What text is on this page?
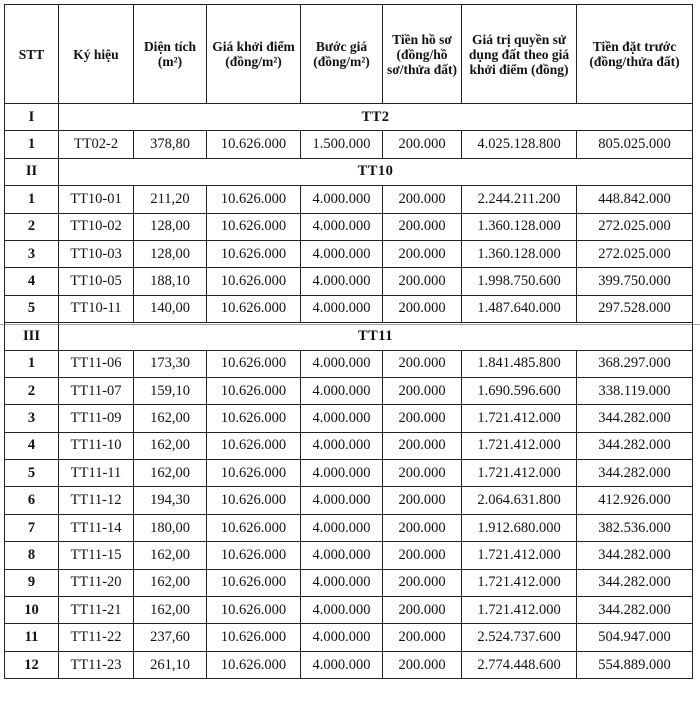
STT	Ký hiệu	Diện tích (m²)	Giá khởi điểm (đồng/m²)	Bước giá (đồng/m²)	Tiền hồ sơ (đồng/hồ sơ/thửa đất)	Giá trị quyền sử dụng đất theo giá khởi điểm (đồng)	Tiền đặt trước (đồng/thửa đất)
I	TT2						
1	TT02-2	378,80	10.626.000	1.500.000	200.000	4.025.128.800	805.025.000
II	TT10						
1	TT10-01	211,20	10.626.000	4.000.000	200.000	2.244.211.200	448.842.000
2	TT10-02	128,00	10.626.000	4.000.000	200.000	1.360.128.000	272.025.000
3	TT10-03	128,00	10.626.000	4.000.000	200.000	1.360.128.000	272.025.000
4	TT10-05	188,10	10.626.000	4.000.000	200.000	1.998.750.600	399.750.000
5	TT10-11	140,00	10.626.000	4.000.000	200.000	1.487.640.000	297.528.000
III	TT11						
1	TT11-06	173,30	10.626.000	4.000.000	200.000	1.841.485.800	368.297.000
2	TT11-07	159,10	10.626.000	4.000.000	200.000	1.690.596.600	338.119.000
3	TT11-09	162,00	10.626.000	4.000.000	200.000	1.721.412.000	344.282.000
4	TT11-10	162,00	10.626.000	4.000.000	200.000	1.721.412.000	344.282.000
5	TT11-11	162,00	10.626.000	4.000.000	200.000	1.721.412.000	344.282.000
6	TT11-12	194,30	10.626.000	4.000.000	200.000	2.064.631.800	412.926.000
7	TT11-14	180,00	10.626.000	4.000.000	200.000	1.912.680.000	382.536.000
8	TT11-15	162,00	10.626.000	4.000.000	200.000	1.721.412.000	344.282.000
9	TT11-20	162,00	10.626.000	4.000.000	200.000	1.721.412.000	344.282.000
10	TT11-21	162,00	10.626.000	4.000.000	200.000	1.721.412.000	344.282.000
11	TT11-22	237,60	10.626.000	4.000.000	200.000	2.524.737.600	504.947.000
12	TT11-23	261,10	10.626.000	4.000.000	200.000	2.774.448.600	554.889.000
